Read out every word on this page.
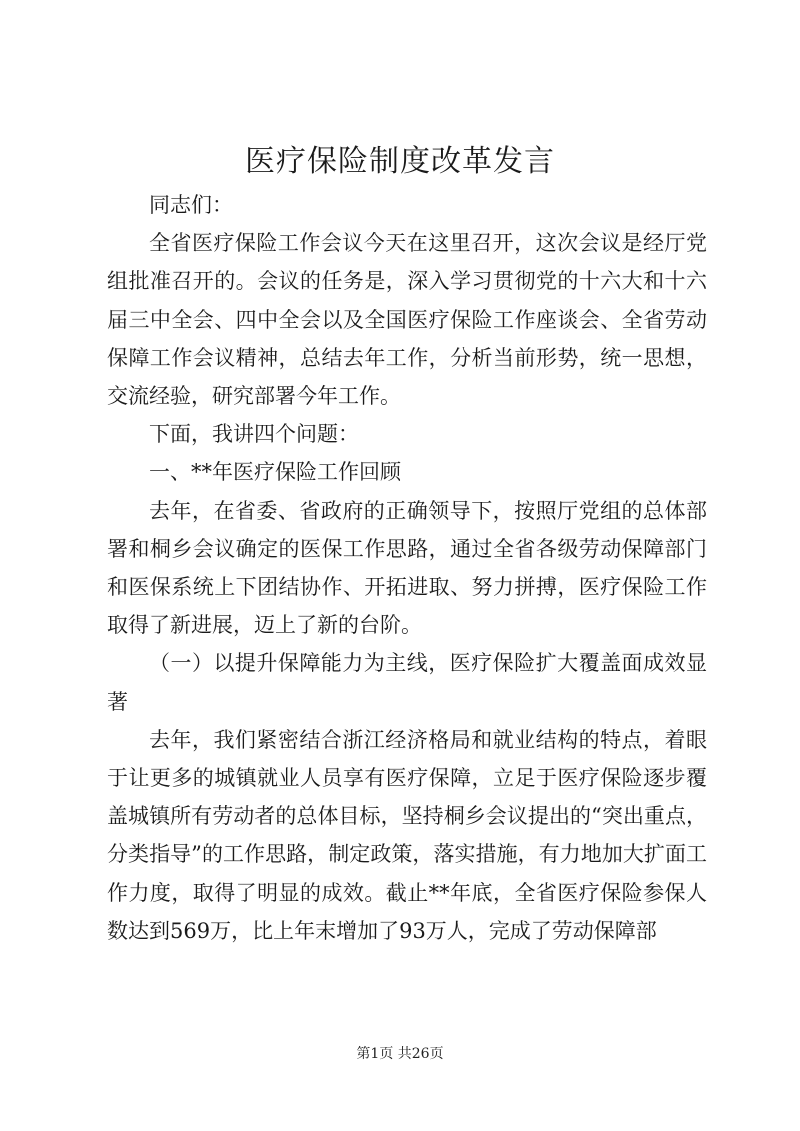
医疗保险制度改革发言

同志们：

全省医疗保险工作会议今天在这里召开，这次会议是经厅党组批准召开的。会议的任务是，深入学习贯彻党的十六大和十六届三中全会、四中全会以及全国医疗保险工作座谈会、全省劳动保障工作会议精神，总结去年工作，分析当前形势，统一思想，交流经验，研究部署今年工作。

下面，我讲四个问题：

一、**年医疗保险工作回顾

去年，在省委、省政府的正确领导下，按照厅党组的总体部署和桐乡会议确定的医保工作思路，通过全省各级劳动保障部门和医保系统上下团结协作、开拓进取、努力拼搏，医疗保险工作取得了新进展，迈上了新的台阶。

（一）以提升保障能力为主线，医疗保险扩大覆盖面成效显著

去年，我们紧密结合浙江经济格局和就业结构的特点，着眼于让更多的城镇就业人员享有医疗保障，立足于医疗保险逐步覆盖城镇所有劳动者的总体目标，坚持桐乡会议提出的“突出重点，分类指导”的工作思路，制定政策，落实措施，有力地加大扩面工作力度，取得了明显的成效。截止**年底，全省医疗保险参保人数达到569万，比上年末增加了93万人，完成了劳动保障部

第1页 共26页
